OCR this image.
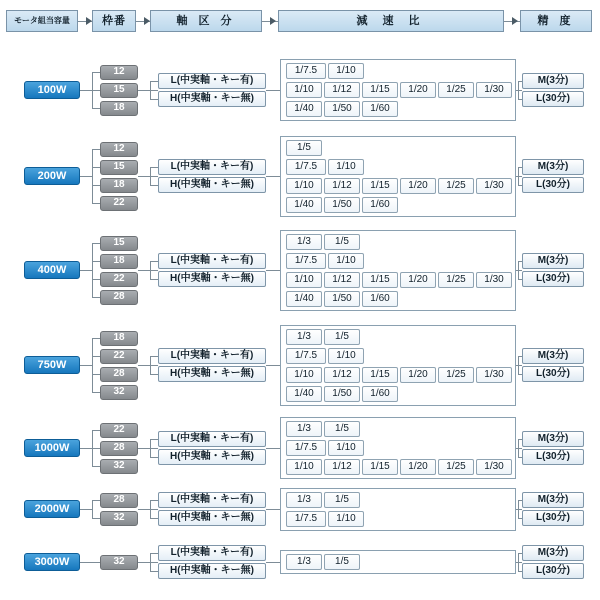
モータ組当容量	枠番	軸 区 分	減 速 比	精 度
100W
12
15
18
L(中実軸・キー有)
H(中実軸・キー無)
1/7.5	1/10
1/10	1/12	1/15	1/20	1/25	1/30
1/40	1/50	1/60
M(3分)
L(30分)
200W
12
15
18
22
L(中実軸・キー有)
H(中実軸・キー無)
1/5
1/7.5	1/10
1/10	1/12	1/15	1/20	1/25	1/30
1/40	1/50	1/60
M(3分)
L(30分)
400W
15
18
22
28
L(中実軸・キー有)
H(中実軸・キー無)
1/3	1/5
1/7.5	1/10
1/10	1/12	1/15	1/20	1/25	1/30
1/40	1/50	1/60
M(3分)
L(30分)
750W
18
22
28
32
L(中実軸・キー有)
H(中実軸・キー無)
1/3	1/5
1/7.5	1/10
1/10	1/12	1/15	1/20	1/25	1/30
1/40	1/50	1/60
M(3分)
L(30分)
1000W
22
28
32
L(中実軸・キー有)
H(中実軸・キー無)
1/3	1/5
1/7.5	1/10
1/10	1/12	1/15	1/20	1/25	1/30
M(3分)
L(30分)
2000W
28
32
L(中実軸・キー有)
H(中実軸・キー無)
1/3	1/5
1/7.5	1/10
M(3分)
L(30分)
3000W	32
L(中実軸・キー有)
H(中実軸・キー無)
1/3	1/5
M(3分)
L(30分)
